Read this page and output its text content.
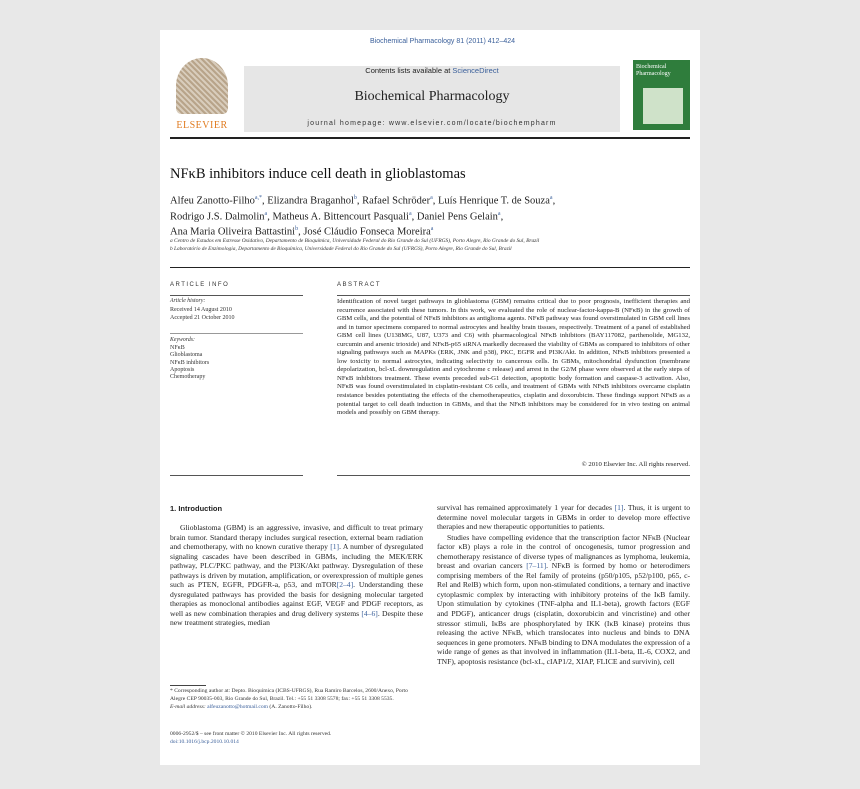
Biochemical Pharmacology 81 (2011) 412–424
ELSEVIER
Contents lists available at ScienceDirect
Biochemical Pharmacology
journal homepage: www.elsevier.com/locate/biochempharm
Biochemical Pharmacology
NFκB inhibitors induce cell death in glioblastomas
Alfeu Zanotto-Filho$^{a,*}$, Elizandra Braganhol$^b$, Rafael Schröder$^a$, Luís Henrique T. de Souza$^a$,
Rodrigo J.S. Dalmolin$^a$, Matheus A. Bittencourt Pasquali$^a$, Daniel Pens Gelain$^a$,
Ana Maria Oliveira Battastini$^b$, José Cláudio Fonseca Moreira$^a$
a Centro de Estudos em Estresse Oxidativo, Departamento de Bioquímica, Universidade Federal do Rio Grande do Sul (UFRGS), Porto Alegre, Rio Grande do Sul, Brazil
b Laboratório de Enzimologia, Departamento de Bioquímica, Universidade Federal do Rio Grande do Sul (UFRGS), Porto Alegre, Rio Grande do Sul, Brazil
ARTICLE INFO
Article history:
Received 14 August 2010
Accepted 21 October 2010
Keywords:
NFκB
Glioblastoma
NFκB inhibitors
Apoptosis
Chemotherapy
ABSTRACT
Identification of novel target pathways in glioblastoma (GBM) remains critical due to poor prognosis, inefficient therapies and recurrence associated with these tumors. In this work, we evaluated the role of nuclear-factor-kappa-B (NFκB) in the growth of GBM cells, and the potential of NFκB inhibitors as antiglioma agents. NFκB pathway was found overstimulated in GBM cell lines and in tumor specimens compared to normal astrocytes and healthy brain tissues, respectively. Treatment of a panel of established GBM cell lines (U138MG, U87, U373 and C6) with pharmacological NFκB inhibitors (BAY117082, parthenolide, MG132, curcumin and arsenic trioxide) and NFκB-p65 siRNA markedly decreased the viability of GBMs as compared to inhibitors of other signaling pathways such as MAPKs (ERK, JNK and p38), PKC, EGFR and PI3K/Akt. In addition, NFκB inhibitors presented a low toxicity to normal astrocytes, indicating selectivity to cancerous cells. In GBMs, mitochondrial dysfunction (membrane depolarization, bcl-xL downregulation and cytochrome c release) and arrest in the G2/M phase were observed at the early steps of NFκB inhibitors treatment. These events preceded sub-G1 detection, apoptotic body formation and caspase-3 activation. Also, NFκB was found overstimulated in cisplatin-resistant C6 cells, and treatment of GBMs with NFκB inhibitors overcame cisplatin resistance besides potentiating the effects of the chemotherapeutics, cisplatin and doxorubicin. These findings support NFκB as a potential target to cell death induction in GBMs, and that the NFκB inhibitors may be considered for in vivo testing on animal models and possibly on GBM therapy.
© 2010 Elsevier Inc. All rights reserved.
1. Introduction

Glioblastoma (GBM) is an aggressive, invasive, and difficult to treat primary brain tumor. Standard therapy includes surgical resection, external beam radiation and chemotherapy, with no known curative therapy [1]. A number of dysregulated signaling cascades have been described in GBMs, including the MEK/ERK pathway, PLC/PKC pathway, and the PI3K/Akt pathway. Dysregulation of these pathways is driven by mutation, amplification, or overexpression of multiple genes such as PTEN, EGFR, PDGFR-a, p53, and mTOR[2–4]. Understanding these dysregulated pathways has provided the basis for designing molecular targeted therapies as monoclonal antibodies against EGF, VEGF and PDGF receptors, as well as new combination therapies and drug delivery systems [4–6]. Despite these new treatment strategies, median

survival has remained approximately 1 year for decades [1]. Thus, it is urgent to determine novel molecular targets in GBMs in order to develop more effective therapies and new therapeutic opportunities to patients.

Studies have compelling evidence that the transcription factor NFκB (Nuclear factor κB) plays a role in the control of oncogenesis, tumor progression and chemotherapy resistance of diverse types of malignances as lymphoma, leukemia, breast and ovarian cancers [7–11]. NFκB is formed by homo or heterodimers comprising members of the Rel family of proteins (p50/p105, p52/p100, p65, c-Rel and RelB) which form, upon non-stimulated conditions, a ternary and inactive cytoplasmic complex by interacting with inhibitory proteins of the IκB family. Upon stimulation by cytokines (TNF-alpha and IL1-beta), growth factors (EGF and PDGF), anticancer drugs (cisplatin, doxorubicin and vincristine) and other stressor stimuli, IκBs are phosphorylated by IKK (IκB kinase) proteins thus releasing the active NFκB, which translocates into nucleus and binds to DNA sequences in gene promoters. NFκB binding to DNA modulates the expression of a wide range of genes as that involved in inflammation (IL1-beta, IL-6, COX2, and TNF), apoptosis resistance (bcl-xL, cIAP1/2, XIAP, FLICE and survivin), cell

* Corresponding author at: Depto. Bioquímica (ICBS-UFRGS), Rua Ramiro Barcelos, 2600/Anexo, Porto Alegre CEP 90035-003, Rio Grande do Sul, Brazil. Tel.: +55 51 3308 5578; fax: +55 51 3308 5535.
E-mail address: alfeuzanotto@hotmail.com (A. Zanotto-Filho).
0006-2952/$ – see front matter © 2010 Elsevier Inc. All rights reserved.
doi:10.1016/j.bcp.2010.10.014
